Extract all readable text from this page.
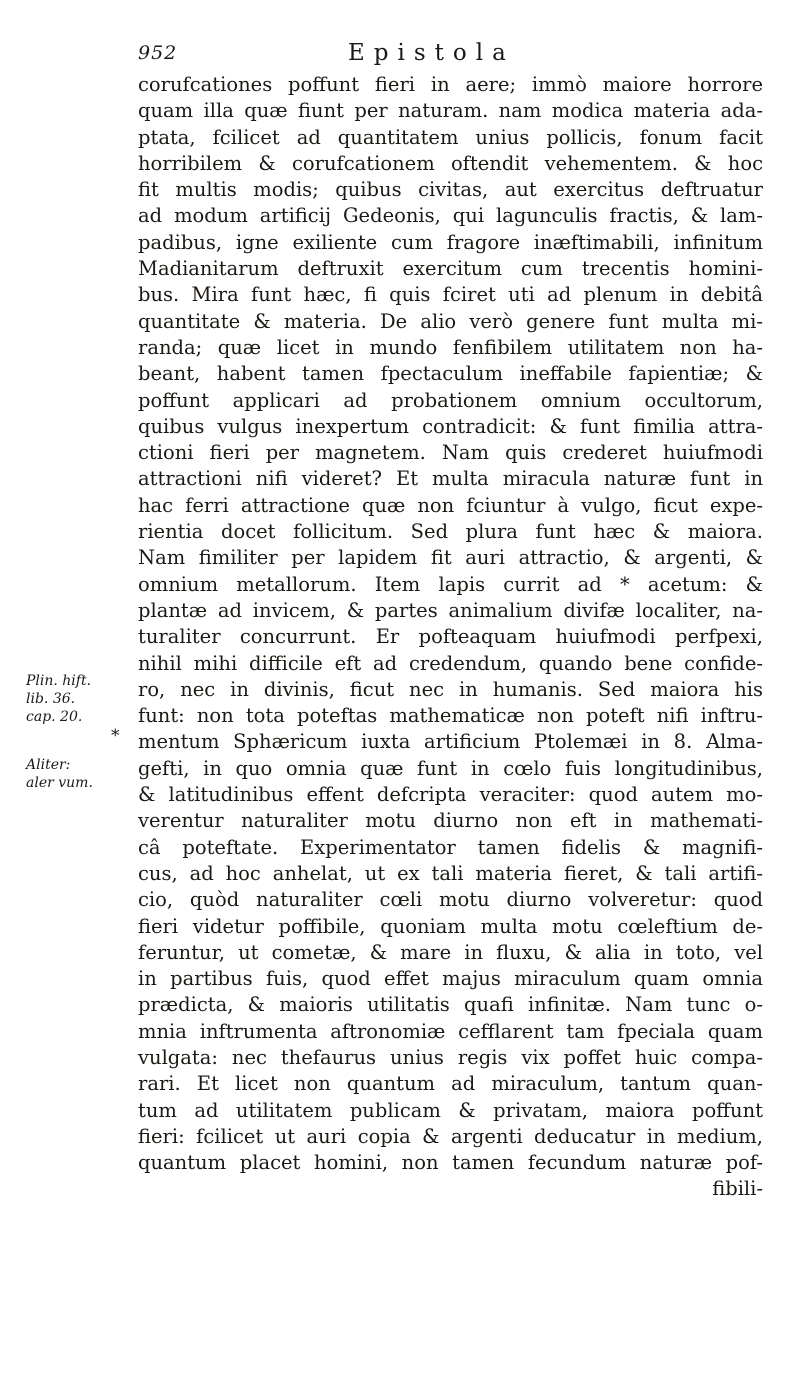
952	Epistola
Plin. hift.
lib. 36.
cap. 20.
*
Aliter:
aler vum.
corufcationes poffunt fieri in aere; immò maiore horrore
quam illa quæ fiunt per naturam. nam modica materia ada-
ptata, fcilicet ad quantitatem unius pollicis, fonum facit
horribilem & corufcationem oftendit vehementem. & hoc
fit multis modis; quibus civitas, aut exercitus deftruatur
ad modum artificij Gedeonis, qui lagunculis fractis, & lam-
padibus, igne exiliente cum fragore inæftimabili, infinitum
Madianitarum deftruxit exercitum cum trecentis homini-
bus. Mira funt hæc, fi quis fciret uti ad plenum in debitâ
quantitate & materia. De alio verò genere funt multa mi-
randa; quæ licet in mundo fenfibilem utilitatem non ha-
beant, habent tamen fpectaculum ineffabile fapientiæ; &
poffunt applicari ad probationem omnium occultorum,
quibus vulgus inexpertum contradicit: & funt fimilia attra-
ctioni fieri per magnetem. Nam quis crederet huiufmodi
attractioni nifi videret? Et multa miracula naturæ funt in
hac ferri attractione quæ non fciuntur à vulgo, ficut expe-
rientia docet follicitum. Sed plura funt hæc & maiora.
Nam fimiliter per lapidem fit auri attractio, & argenti, &
omnium metallorum. Item lapis currit ad * acetum: &
plantæ ad invicem, & partes animalium divifæ localiter, na-
turaliter concurrunt. Er pofteaquam huiufmodi perfpexi,
nihil mihi difficile eft ad credendum, quando bene confide-
ro, nec in divinis, ficut nec in humanis. Sed maiora his
funt: non tota poteftas mathematicæ non poteft nifi inftru-
mentum Sphæricum iuxta artificium Ptolemæi in 8. Alma-
gefti, in quo omnia quæ funt in cœlo fuis longitudinibus,
& latitudinibus effent defcripta veraciter: quod autem mo-
verentur naturaliter motu diurno non eft in mathemati-
câ poteftate. Experimentator tamen fidelis & magnifi-
cus, ad hoc anhelat, ut ex tali materia fieret, & tali artifi-
cio, quòd naturaliter cœli motu diurno volveretur: quod
fieri videtur poffibile, quoniam multa motu cœleftium de-
feruntur, ut cometæ, & mare in fluxu, & alia in toto, vel
in partibus fuis, quod effet majus miraculum quam omnia
prædicta, & maioris utilitatis quafi infinitæ. Nam tunc o-
mnia inftrumenta aftronomiæ cefflarent tam fpeciala quam
vulgata: nec thefaurus unius regis vix poffet huic compa-
rari. Et licet non quantum ad miraculum, tantum quan-
tum ad utilitatem publicam & privatam, maiora poffunt
fieri: fcilicet ut auri copia & argenti deducatur in medium,
quantum placet homini, non tamen fecundum naturæ pof-
fibili-
